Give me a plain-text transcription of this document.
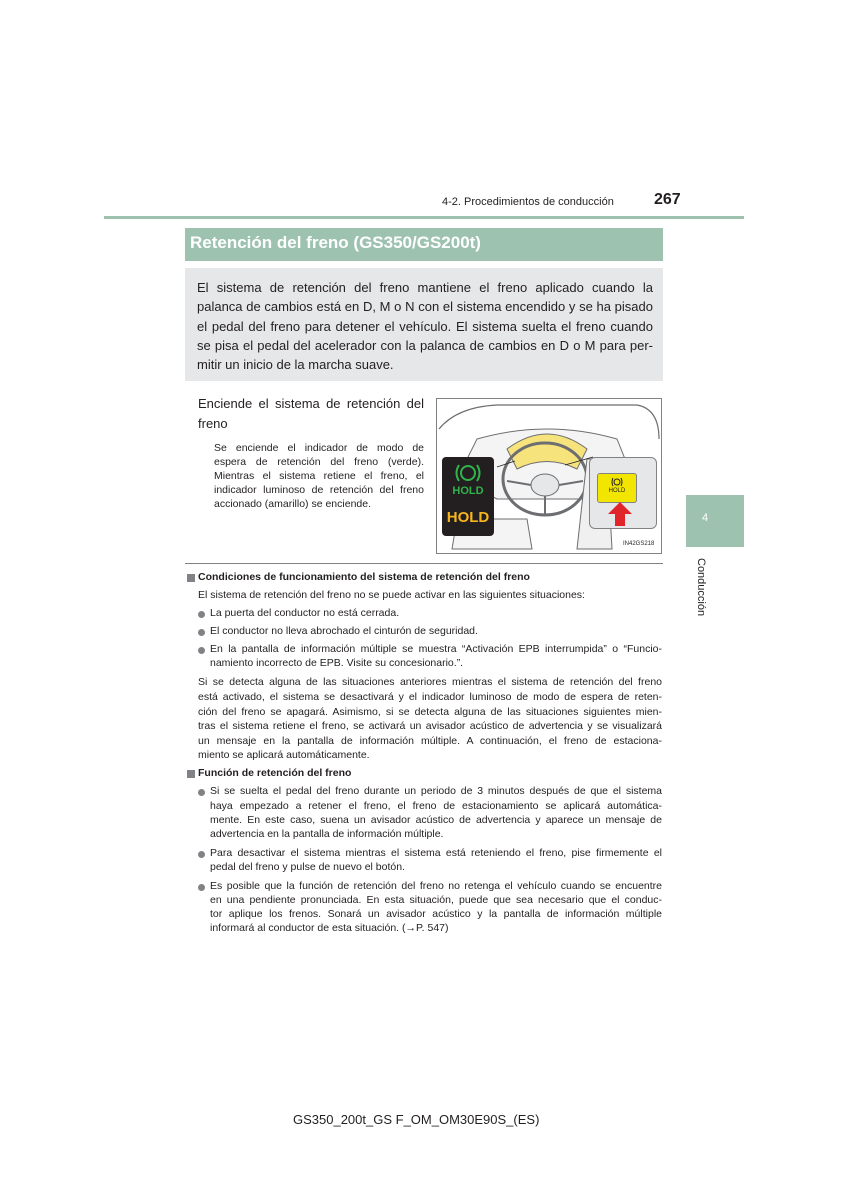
4-2. Procedimientos de conducción	267
Retención del freno (GS350/GS200t)
El sistema de retención del freno mantiene el freno aplicado cuando la
palanca de cambios está en D, M o N con el sistema encendido y se ha pisado
el pedal del freno para detener el vehículo. El sistema suelta el freno cuando
se pisa el pedal del acelerador con la palanca de cambios en D o M para per-
mitir un inicio de la marcha suave.
Enciende el sistema de retención del
freno
Se enciende el indicador de modo de
espera de retención del freno (verde).
Mientras el sistema retiene el freno, el
indicador luminoso de retención del freno
accionado (amarillo) se enciende.
HOLD
HOLD
HOLD
IN42GS218
4
Conducción
Condiciones de funcionamiento del sistema de retención del freno
El sistema de retención del freno no se puede activar en las siguientes situaciones:
La puerta del conductor no está cerrada.
El conductor no lleva abrochado el cinturón de seguridad.
En la pantalla de información múltiple se muestra “Activación EPB interrumpida” o “Funcio-
namiento incorrecto de EPB. Visite su concesionario.”.
Si se detecta alguna de las situaciones anteriores mientras el sistema de retención del freno
está activado, el sistema se desactivará y el indicador luminoso de modo de espera de reten-
ción del freno se apagará. Asimismo, si se detecta alguna de las situaciones siguientes mien-
tras el sistema retiene el freno, se activará un avisador acústico de advertencia y se visualizará
un mensaje en la pantalla de información múltiple. A continuación, el freno de estaciona-
miento se aplicará automáticamente.
Función de retención del freno
Si se suelta el pedal del freno durante un periodo de 3 minutos después de que el sistema
haya empezado a retener el freno, el freno de estacionamiento se aplicará automática-
mente. En este caso, suena un avisador acústico de advertencia y aparece un mensaje de
advertencia en la pantalla de información múltiple.
Para desactivar el sistema mientras el sistema está reteniendo el freno, pise firmemente el
pedal del freno y pulse de nuevo el botón.
Es posible que la función de retención del freno no retenga el vehículo cuando se encuentre
en una pendiente pronunciada. En esta situación, puede que sea necesario que el conduc-
tor aplique los frenos. Sonará un avisador acústico y la pantalla de información múltiple
informará al conductor de esta situación. (→P. 547)
GS350_200t_GS F_OM_OM30E90S_(ES)
